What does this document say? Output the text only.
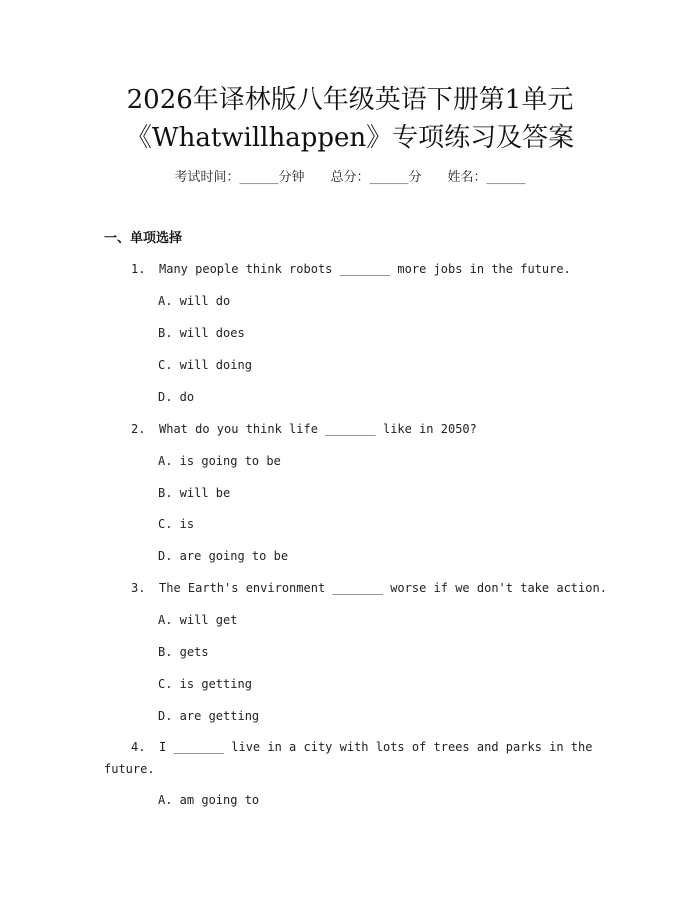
2026年译林版八年级英语下册第1单元
《Whatwillhappen》专项练习及答案
考试时间：______分钟 总分：______分 姓名：______
一、单项选择
1. Many people think robots _______ more jobs in the future.
A. will do
B. will does
C. will doing
D. do
2. What do you think life _______ like in 2050?
A. is going to be
B. will be
C. is
D. are going to be
3. The Earth's environment _______ worse if we don't take action.
A. will get
B. gets
C. is getting
D. are getting
4. I _______ live in a city with lots of trees and parks in the
future.
A. am going to
